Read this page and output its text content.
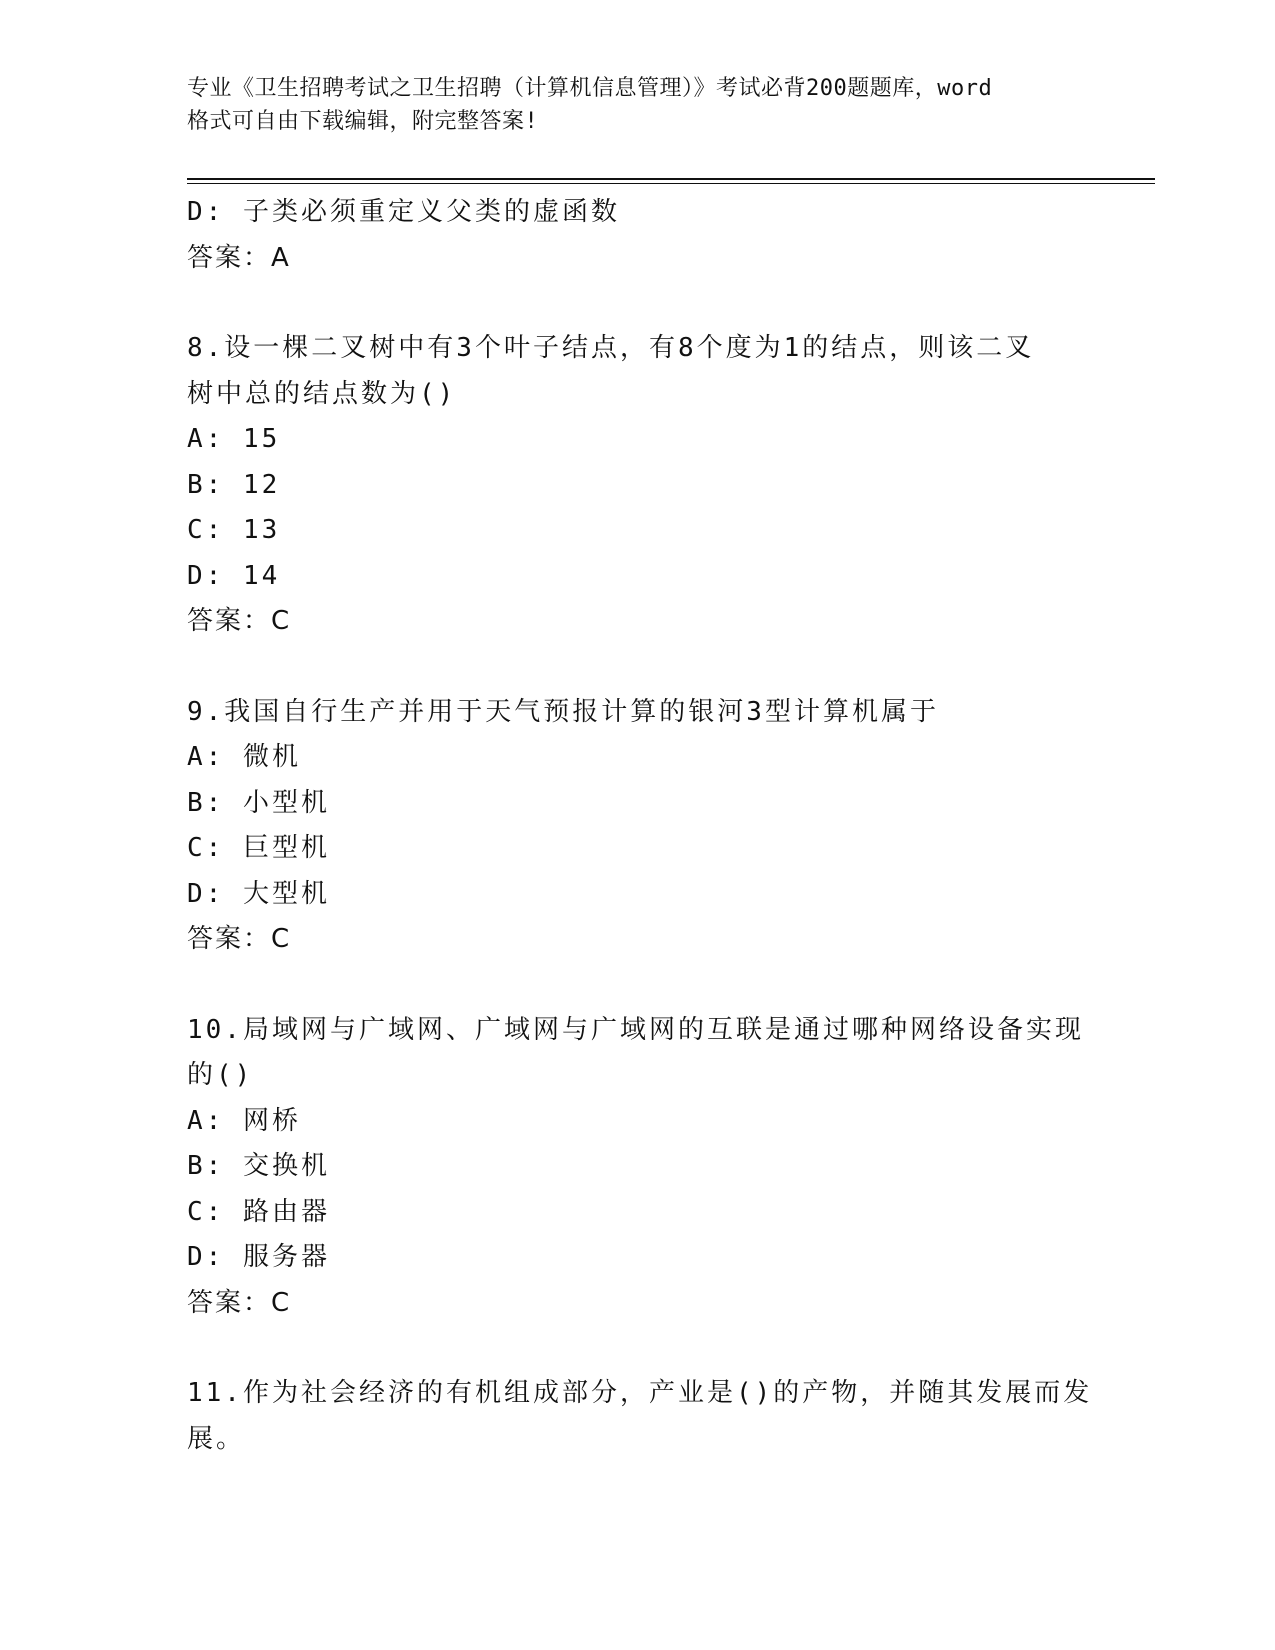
专业《卫生招聘考试之卫生招聘（计算机信息管理）》考试必背200题题库，word
格式可自由下载编辑，附完整答案!
D: 子类必须重定义父类的虚函数
答案：A
8.设一棵二叉树中有3个叶子结点，有8个度为1的结点，则该二叉
树中总的结点数为()
A: 15
B: 12
C: 13
D: 14
答案：C
9.我国自行生产并用于天气预报计算的银河3型计算机属于
A: 微机
B: 小型机
C: 巨型机
D: 大型机
答案：C
10.局域网与广域网、广域网与广域网的互联是通过哪种网络设备实现
的()
A: 网桥
B: 交换机
C: 路由器
D: 服务器
答案：C
11.作为社会经济的有机组成部分，产业是()的产物，并随其发展而发
展。
